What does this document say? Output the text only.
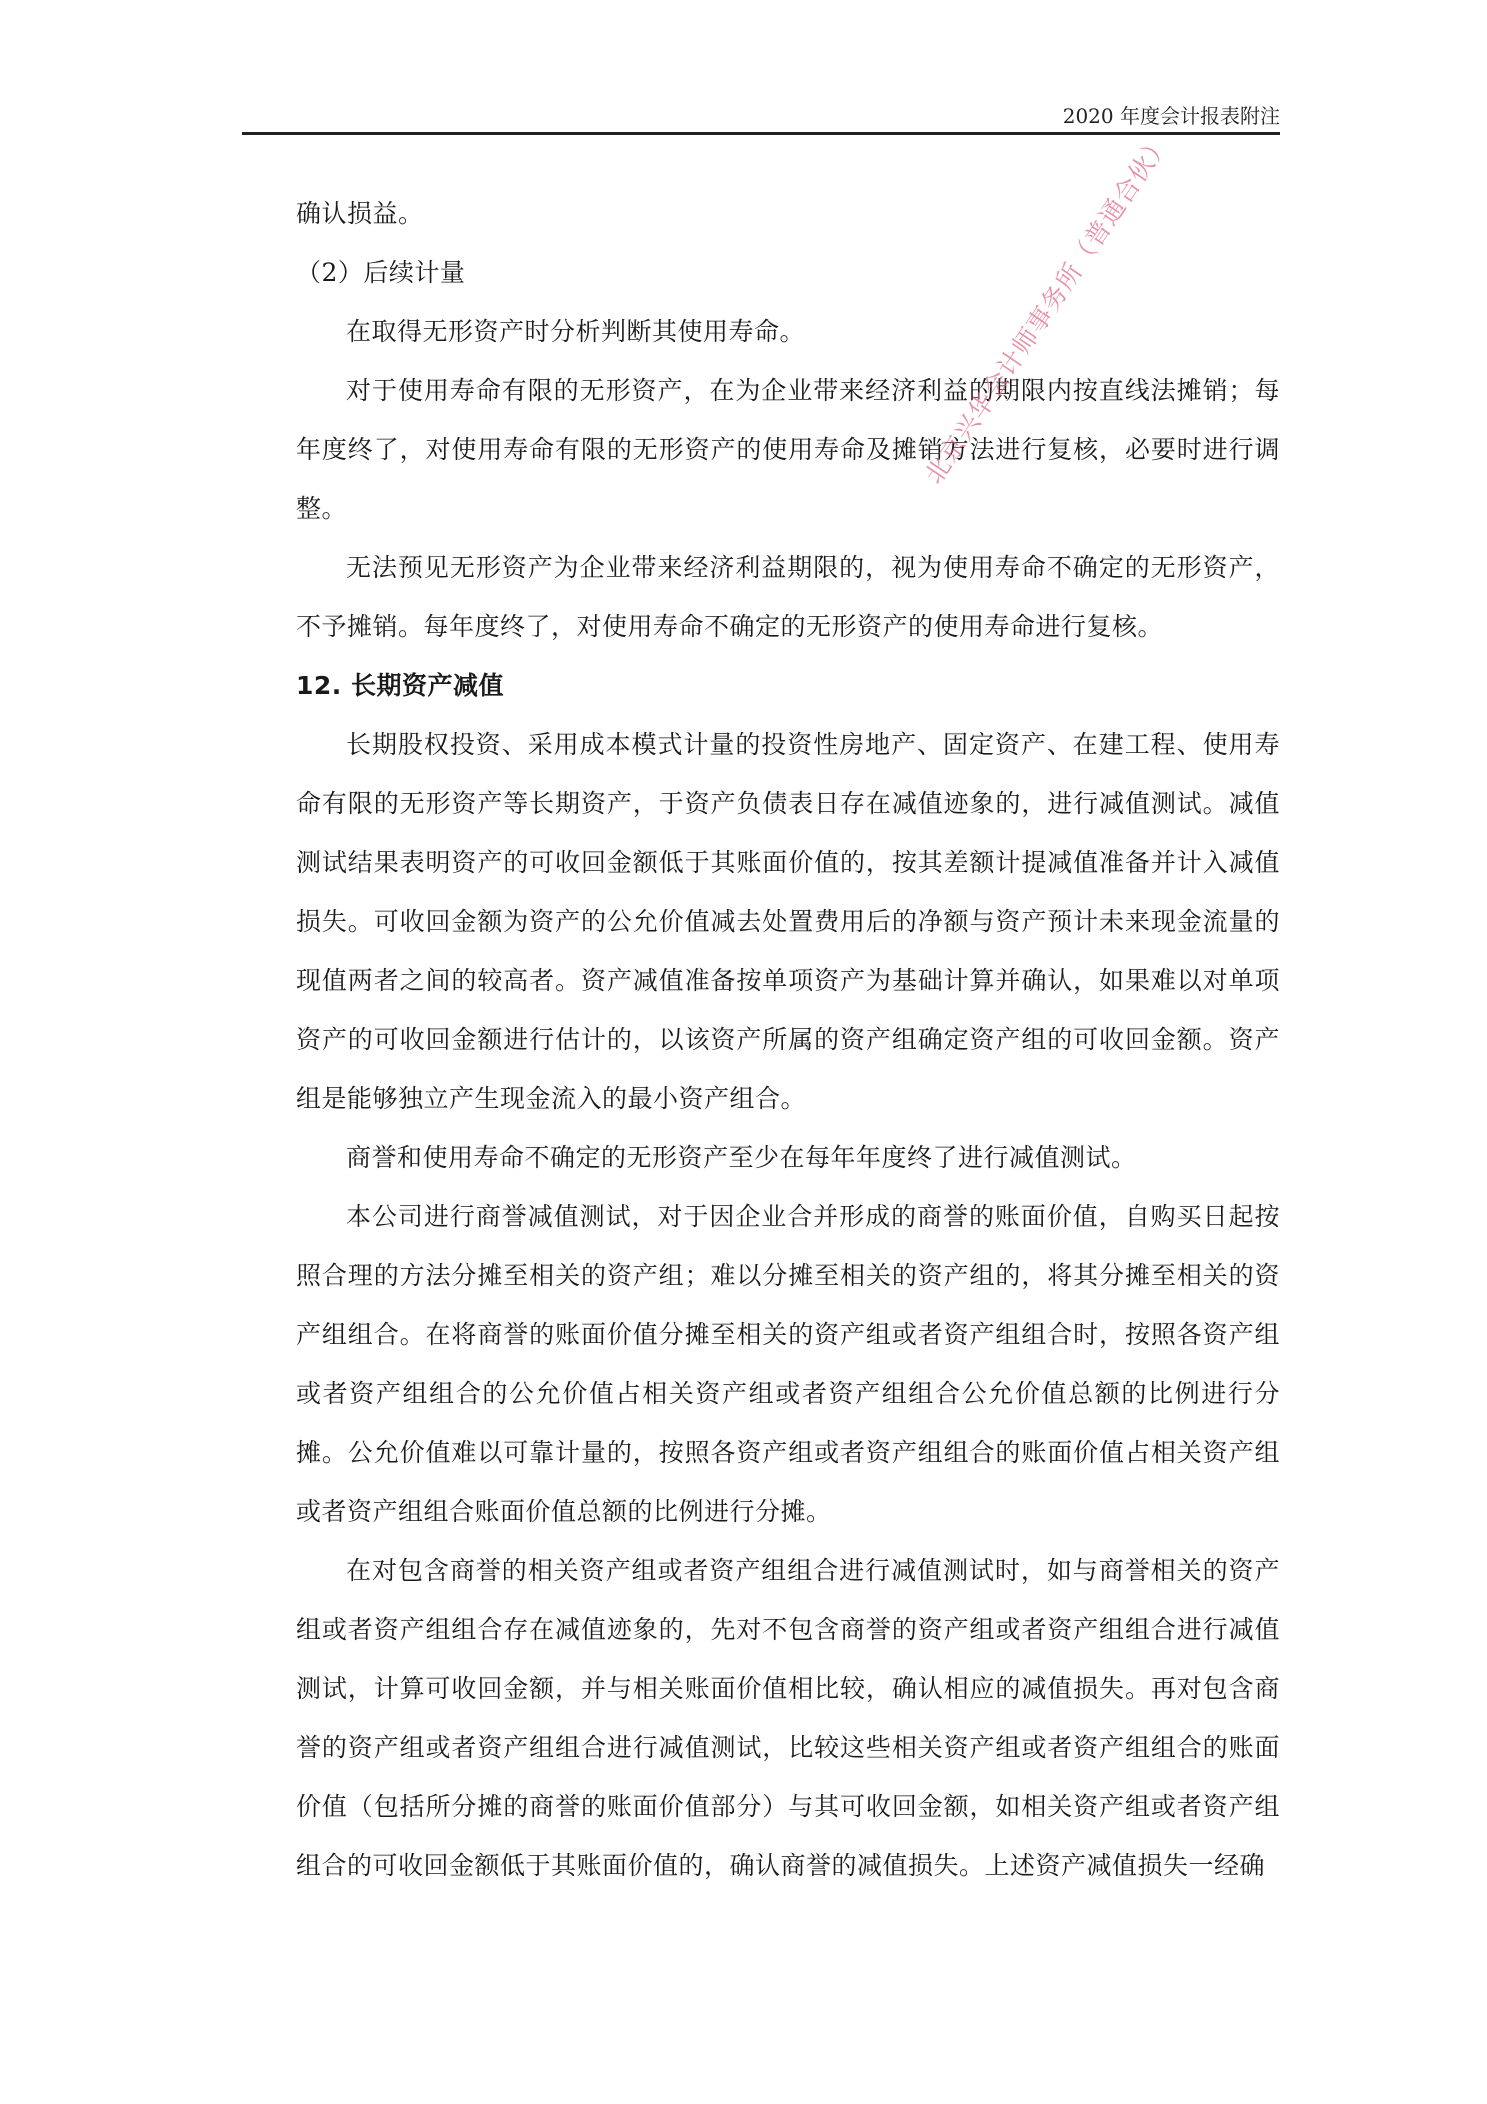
2020 年度会计报表附注

确认损益。

（2）后续计量

在取得无形资产时分析判断其使用寿命。

对于使用寿命有限的无形资产，在为企业带来经济利益的期限内按直线法摊销；每年度终了，对使用寿命有限的无形资产的使用寿命及摊销方法进行复核，必要时进行调整。

无法预见无形资产为企业带来经济利益期限的，视为使用寿命不确定的无形资产，不予摊销。每年度终了，对使用寿命不确定的无形资产的使用寿命进行复核。

12. 长期资产减值

长期股权投资、采用成本模式计量的投资性房地产、固定资产、在建工程、使用寿命有限的无形资产等长期资产，于资产负债表日存在减值迹象的，进行减值测试。减值测试结果表明资产的可收回金额低于其账面价值的，按其差额计提减值准备并计入减值损失。可收回金额为资产的公允价值减去处置费用后的净额与资产预计未来现金流量的现值两者之间的较高者。资产减值准备按单项资产为基础计算并确认，如果难以对单项资产的可收回金额进行估计的，以该资产所属的资产组确定资产组的可收回金额。资产组是能够独立产生现金流入的最小资产组合。

商誉和使用寿命不确定的无形资产至少在每年年度终了进行减值测试。

本公司进行商誉减值测试，对于因企业合并形成的商誉的账面价值，自购买日起按照合理的方法分摊至相关的资产组；难以分摊至相关的资产组的，将其分摊至相关的资产组组合。在将商誉的账面价值分摊至相关的资产组或者资产组组合时，按照各资产组或者资产组组合的公允价值占相关资产组或者资产组组合公允价值总额的比例进行分摊。公允价值难以可靠计量的，按照各资产组或者资产组组合的账面价值占相关资产组或者资产组组合账面价值总额的比例进行分摊。

在对包含商誉的相关资产组或者资产组组合进行减值测试时，如与商誉相关的资产组或者资产组组合存在减值迹象的，先对不包含商誉的资产组或者资产组组合进行减值测试，计算可收回金额，并与相关账面价值相比较，确认相应的减值损失。再对包含商誉的资产组或者资产组组合进行减值测试，比较这些相关资产组或者资产组组合的账面价值（包括所分摊的商誉的账面价值部分）与其可收回金额，如相关资产组或者资产组组合的可收回金额低于其账面价值的，确认商誉的减值损失。上述资产减值损失一经确

北京兴华会计师事务所（普通合伙）
